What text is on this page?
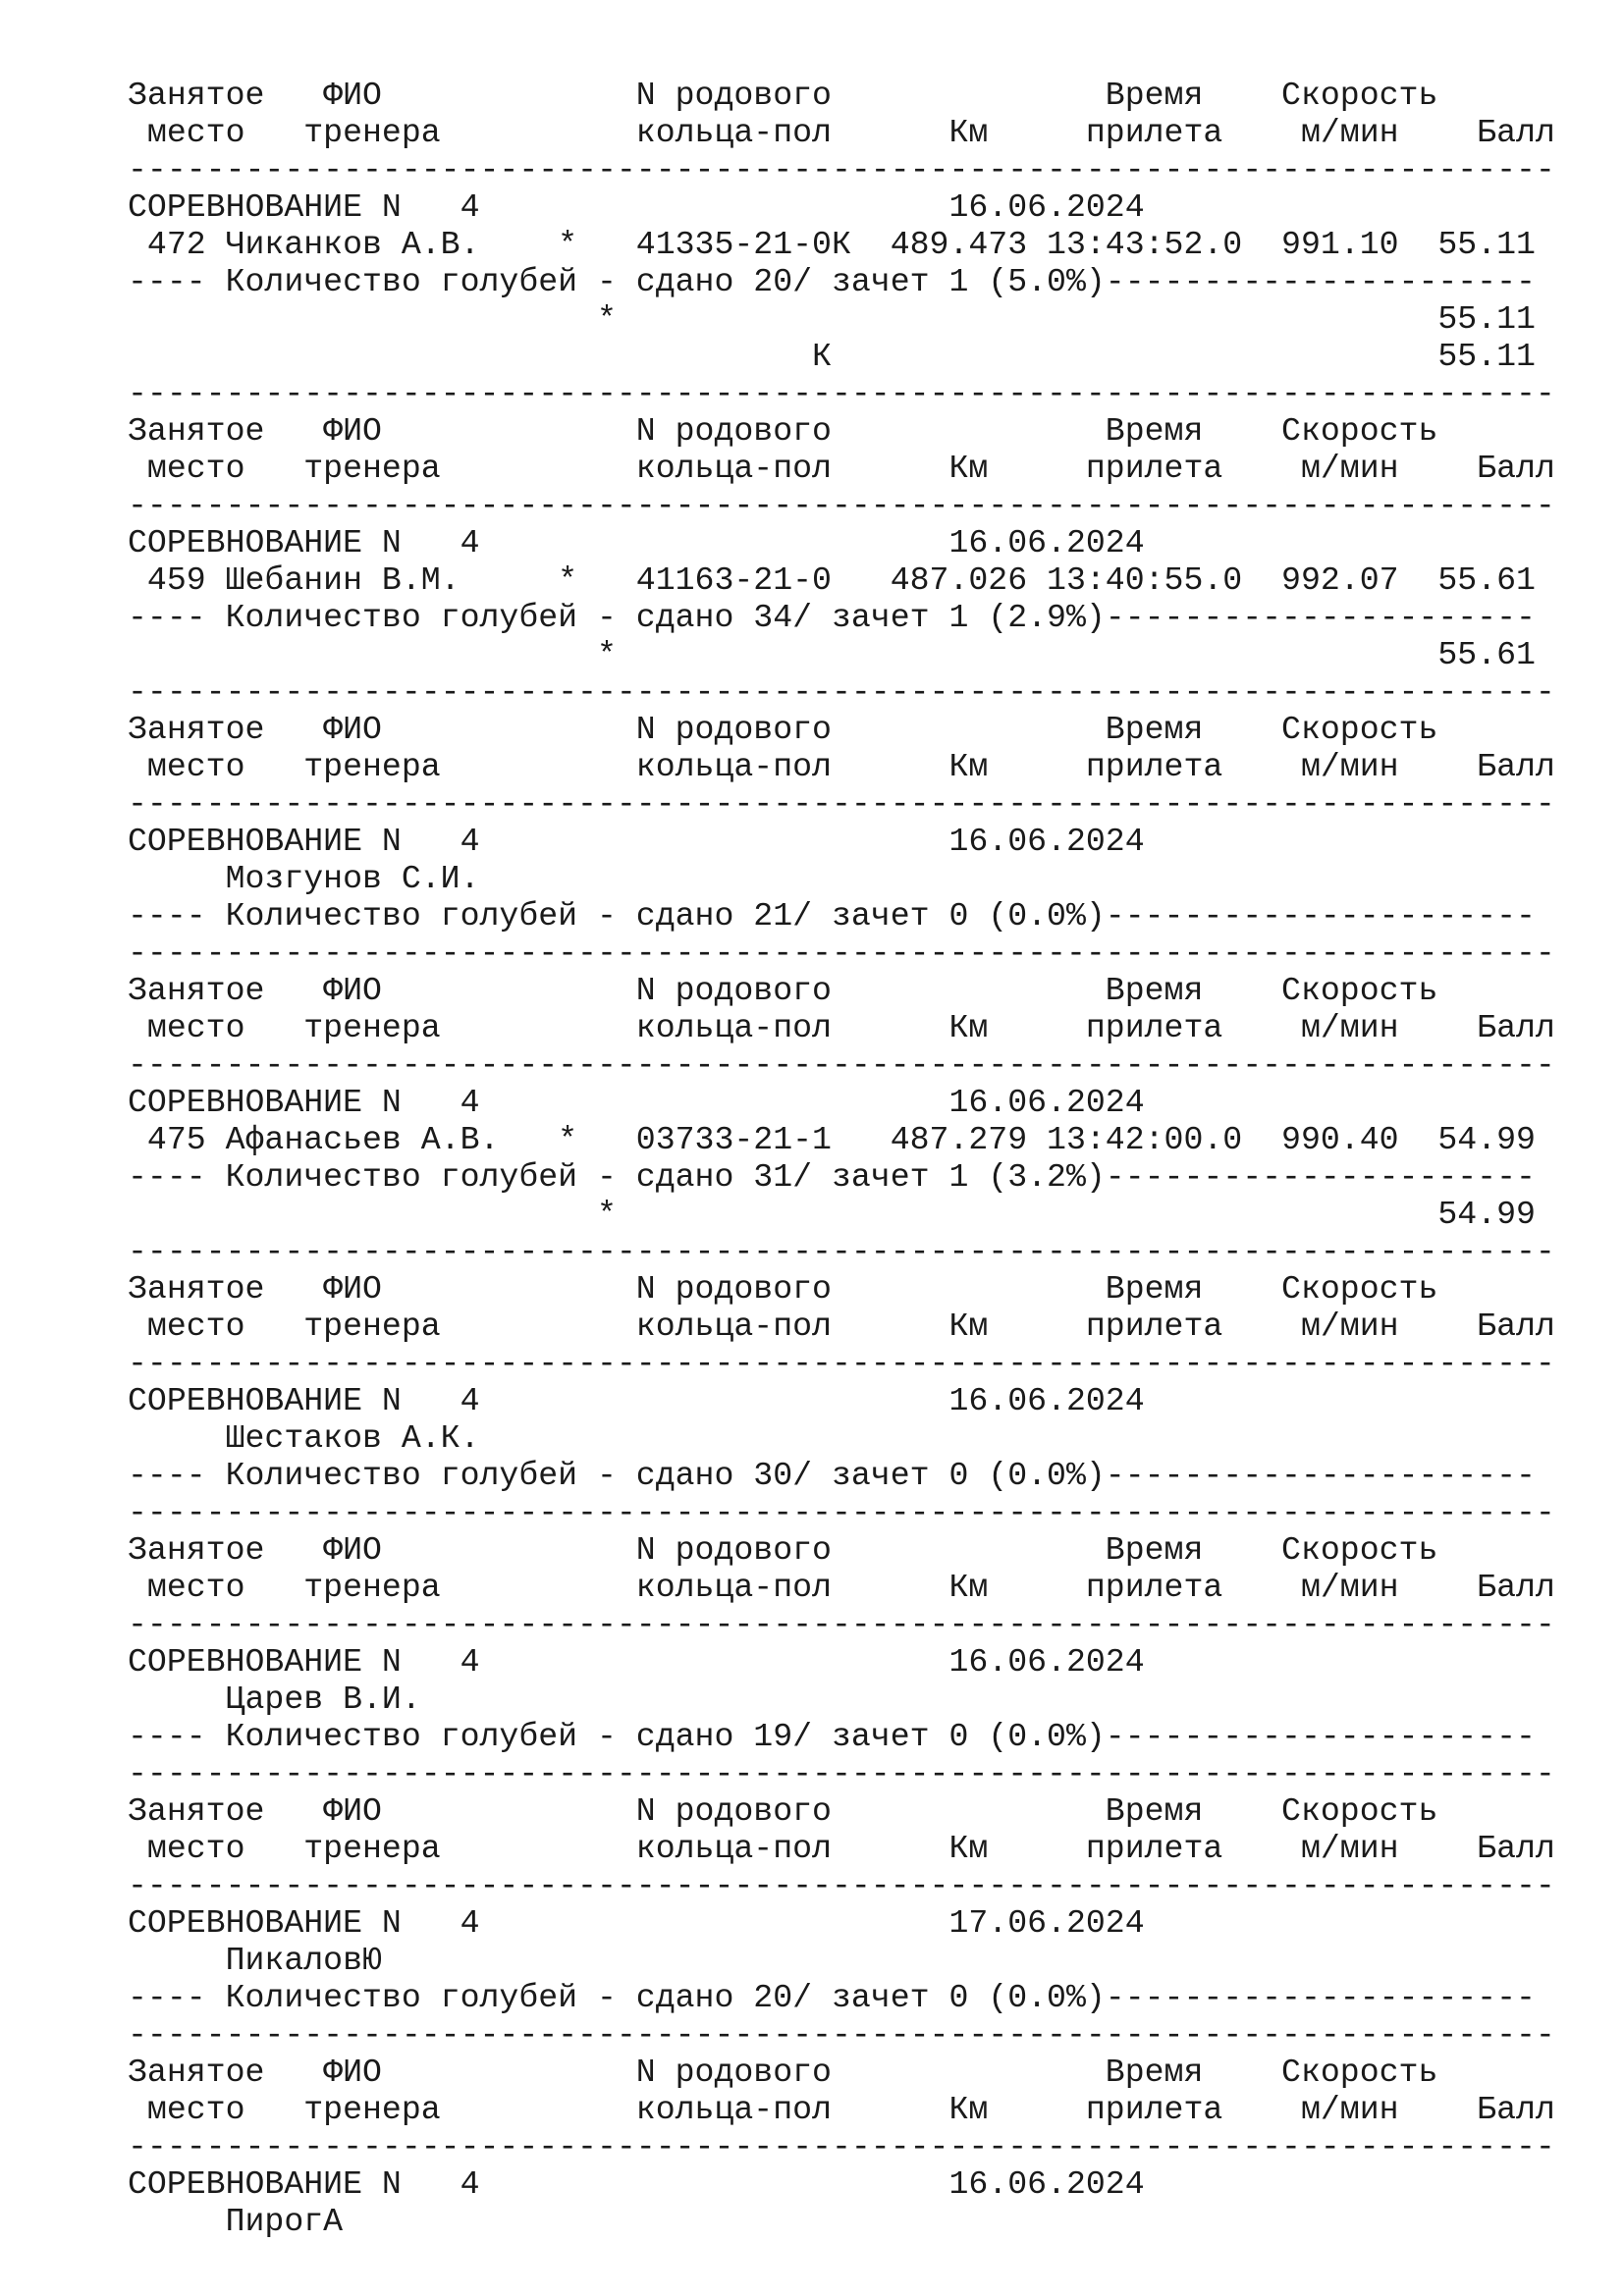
Занятое   ФИО             N родового              Время    Скорость
место   тренера          кольца-пол      Км     прилета    м/мин    Балл
-------------------------------------------------------------------------
СОРЕВНОВАНИЕ N   4                        16.06.2024
472 Чиканков А.В.    *   41335-21-0К  489.473 13:43:52.0  991.10  55.11
---- Количество голубей - сдано 20/ зачет 1 (5.0%)----------------------
*                                          55.11
К                               55.11
-------------------------------------------------------------------------
Занятое   ФИО             N родового              Время    Скорость
место   тренера          кольца-пол      Км     прилета    м/мин    Балл
-------------------------------------------------------------------------
СОРЕВНОВАНИЕ N   4                        16.06.2024
459 Шебанин В.М.     *   41163-21-0   487.026 13:40:55.0  992.07  55.61
---- Количество голубей - сдано 34/ зачет 1 (2.9%)----------------------
*                                          55.61
-------------------------------------------------------------------------
Занятое   ФИО             N родового              Время    Скорость
место   тренера          кольца-пол      Км     прилета    м/мин    Балл
-------------------------------------------------------------------------
СОРЕВНОВАНИЕ N   4                        16.06.2024
Мозгунов С.И.
---- Количество голубей - сдано 21/ зачет 0 (0.0%)----------------------
-------------------------------------------------------------------------
Занятое   ФИО             N родового              Время    Скорость
место   тренера          кольца-пол      Км     прилета    м/мин    Балл
-------------------------------------------------------------------------
СОРЕВНОВАНИЕ N   4                        16.06.2024
475 Афанасьев А.В.   *   03733-21-1   487.279 13:42:00.0  990.40  54.99
---- Количество голубей - сдано 31/ зачет 1 (3.2%)----------------------
*                                          54.99
-------------------------------------------------------------------------
Занятое   ФИО             N родового              Время    Скорость
место   тренера          кольца-пол      Км     прилета    м/мин    Балл
-------------------------------------------------------------------------
СОРЕВНОВАНИЕ N   4                        16.06.2024
Шестаков А.К.
---- Количество голубей - сдано 30/ зачет 0 (0.0%)----------------------
-------------------------------------------------------------------------
Занятое   ФИО             N родового              Время    Скорость
место   тренера          кольца-пол      Км     прилета    м/мин    Балл
-------------------------------------------------------------------------
СОРЕВНОВАНИЕ N   4                        16.06.2024
Царев В.И.
---- Количество голубей - сдано 19/ зачет 0 (0.0%)----------------------
-------------------------------------------------------------------------
Занятое   ФИО             N родового              Время    Скорость
место   тренера          кольца-пол      Км     прилета    м/мин    Балл
-------------------------------------------------------------------------
СОРЕВНОВАНИЕ N   4                        17.06.2024
ПикаловЮ
---- Количество голубей - сдано 20/ зачет 0 (0.0%)----------------------
-------------------------------------------------------------------------
Занятое   ФИО             N родового              Время    Скорость
место   тренера          кольца-пол      Км     прилета    м/мин    Балл
-------------------------------------------------------------------------
СОРЕВНОВАНИЕ N   4                        16.06.2024
ПирогА
